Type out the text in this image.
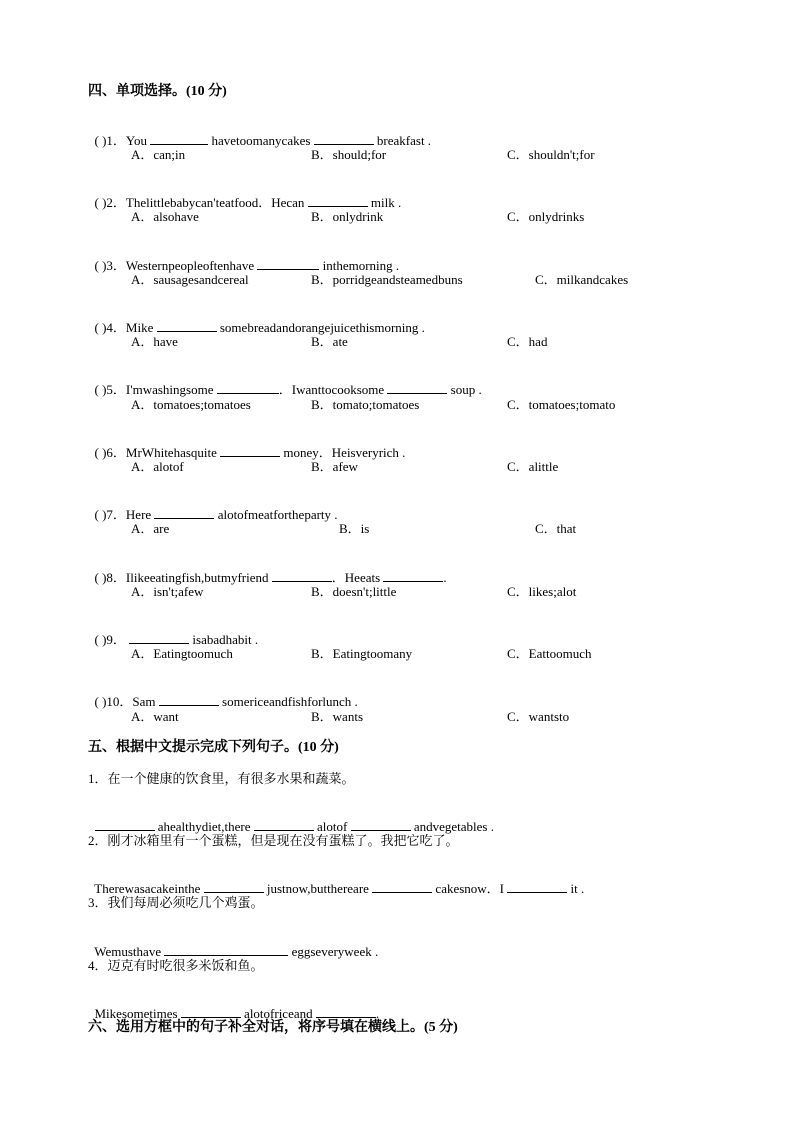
四、单项选择。(10 分)

( )1．You	havetoomanycakes	breakfast .

A．can;in	B．should;for	C．shouldn't;for

( )2．Thelittlebabycan'teatfood．Hecan	milk .

A．alsohave	B．onlydrink	C．onlydrinks

( )3．Westernpeopleoftenhave	inthemorning .

A．sausagesandcereal	B．porridgeandsteamedbuns	C．milkandcakes

( )4．Mike	somebreadandorangejuicethismorning .

A．have	B．ate	C．had

( )5．I'mwashingsome	．Iwanttocooksome	soup .

A．tomatoes;tomatoes	B．tomato;tomatoes	C．tomatoes;tomato

( )6．MrWhitehasquite	money．Heisveryrich .

A．alotof	B．afew	C．alittle

( )7．Here	alotofmeatfortheparty .

A．are	B．is	C．that

( )8．Ilikeeatingfish,butmyfriend	．Heeats	.

A．isn't;afew	B．doesn't;little	C．likes;alot

( )9．	isabadhabit .

A．Eatingtoomuch	B．Eatingtoomany	C．Eattoomuch

( )10．Sam	somericeandfishforlunch .

A．want	B．wants	C．wantsto
五、根据中文提示完成下列句子。(10 分)
1．在一个健康的饮食里，有很多水果和蔬菜。

ahealthydiet,there	alotof	andvegetables .

2．刚才冰箱里有一个蛋糕，但是现在没有蛋糕了。我把它吃了。

Therewasacakeinthe	justnow,butthereare	cakesnow．I	it .

3．我们每周必须吃几个鸡蛋。

Wemusthave	eggseveryweek .

4．迈克有时吃很多米饭和鱼。

Mikesometimes	alotofriceand	.

六、选用方框中的句子补全对话，将序号填在横线上。(5 分)
